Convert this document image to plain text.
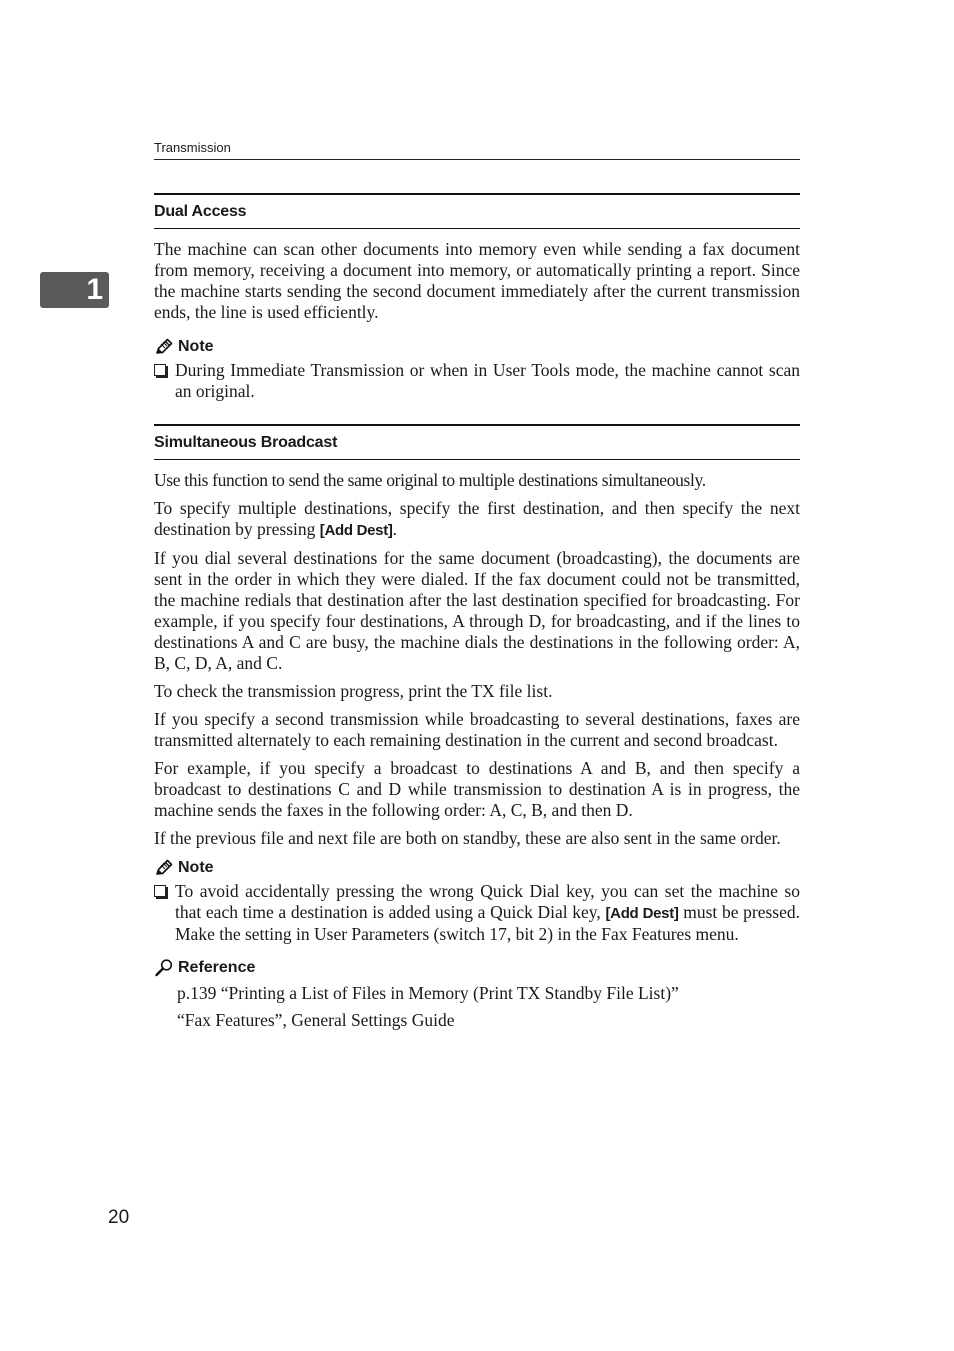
Transmission
1
Dual Access

The machine can scan other documents into memory even while sending a fax document from memory, receiving a document into memory, or automatically printing a report. Since the machine starts sending the second document immediately after the current transmission ends, the line is used efficiently.

Note
During Immediate Transmission or when in User Tools mode, the machine cannot scan an original.
Simultaneous Broadcast

Use this function to send the same original to multiple destinations simultaneously.

To specify multiple destinations, specify the first destination, and then specify the next destination by pressing [Add Dest].

If you dial several destinations for the same document (broadcasting), the documents are sent in the order in which they were dialed. If the fax document could not be transmitted, the machine redials that destination after the last destination specified for broadcasting. For example, if you specify four destinations, A through D, for broadcasting, and if the lines to destinations A and C are busy, the machine dials the destinations in the following order: A, B, C, D, A, and C.

To check the transmission progress, print the TX file list.

If you specify a second transmission while broadcasting to several destinations, faxes are transmitted alternately to each remaining destination in the current and second broadcast.

For example, if you specify a broadcast to destinations A and B, and then specify a broadcast to destinations C and D while transmission to destination A is in progress, the machine sends the faxes in the following order: A, C, B, and then D.

If the previous file and next file are both on standby, these are also sent in the same order.

Note
To avoid accidentally pressing the wrong Quick Dial key, you can set the machine so that each time a destination is added using a Quick Dial key, [Add Dest] must be pressed. Make the setting in User Parameters (switch 17, bit 2) in the Fax Features menu.
Reference
p.139 “Printing a List of Files in Memory (Print TX Standby File List)”
“Fax Features”, General Settings Guide
20
